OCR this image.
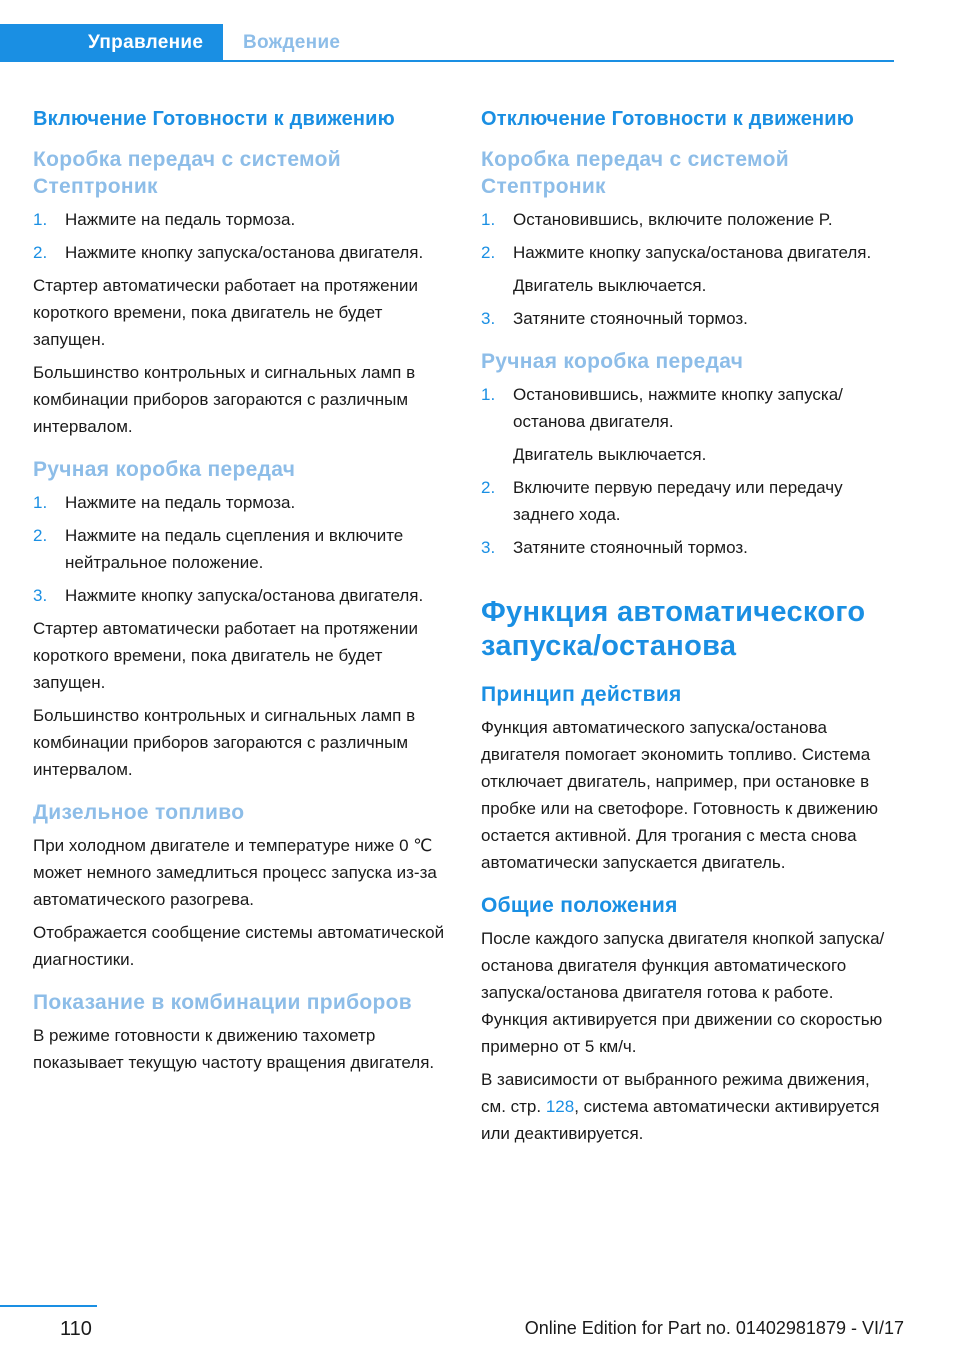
Управление	Вождение
Включение Готовности к движению
Коробка передач с системой Стептроник
1. Нажмите на педаль тормоза.
2. Нажмите кнопку запуска/останова двигателя.
Стартер автоматически работает на протяжении короткого времени, пока двигатель не будет запущен.
Большинство контрольных и сигнальных ламп в комбинации приборов загораются с различным интервалом.
Ручная коробка передач
1. Нажмите на педаль тормоза.
2. Нажмите на педаль сцепления и включите нейтральное положение.
3. Нажмите кнопку запуска/останова двигателя.
Стартер автоматически работает на протяжении короткого времени, пока двигатель не будет запущен.
Большинство контрольных и сигнальных ламп в комбинации приборов загораются с различным интервалом.
Дизельное топливо
При холодном двигателе и температуре ниже 0 ℃ может немного замедлиться процесс запуска из-за автоматического разогрева.
Отображается сообщение системы автоматической диагностики.
Показание в комбинации приборов
В режиме готовности к движению тахометр показывает текущую частоту вращения двигателя.
Отключение Готовности к движению
Коробка передач с системой Стептроник
1. Остановившись, включите положение P.
2. Нажмите кнопку запуска/останова двигателя.
Двигатель выключается.
3. Затяните стояночный тормоз.
Ручная коробка передач
1. Остановившись, нажмите кнопку запуска/останова двигателя.
Двигатель выключается.
2. Включите первую передачу или передачу заднего хода.
3. Затяните стояночный тормоз.
Функция автоматического запуска/останова
Принцип действия
Функция автоматического запуска/останова двигателя помогает экономить топливо. Система отключает двигатель, например, при остановке в пробке или на светофоре. Готовность к движению остается активной. Для трогания с места снова автоматически запускается двигатель.
Общие положения
После каждого запуска двигателя кнопкой запуска/останова двигателя функция автоматического запуска/останова двигателя готова к работе. Функция активируется при движении со скоростью примерно от 5 км/ч.
В зависимости от выбранного режима движения, см. стр. 128, система автоматически активируется или деактивируется.
110	Online Edition for Part no. 01402981879 - VI/17
